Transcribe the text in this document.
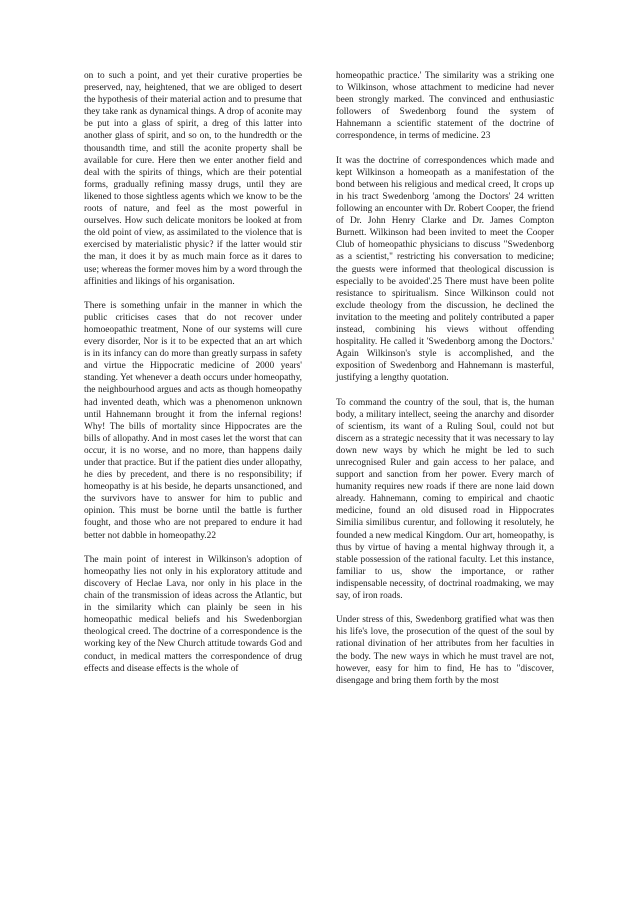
on to such a point, and yet their curative properties be preserved, nay, heightened, that we are obliged to desert the hypothesis of their material action and to presume that they take rank as dynamical things. A drop of aconite may be put into a glass of spirit, a dreg of this latter into another glass of spirit, and so on, to the hundredth or the thousandth time, and still the aconite property shall be available for cure. Here then we enter another field and deal with the spirits of things, which are their potential forms, gradually refining massy drugs, until they are likened to those sightless agents which we know to be the roots of nature, and feel as the most powerful in ourselves. How such delicate monitors be looked at from the old point of view, as assimilated to the violence that is exercised by materialistic physic? if the latter would stir the man, it does it by as much main force as it dares to use; whereas the former moves him by a word through the affinities and likings of his organisation.

There is something unfair in the manner in which the public criticises cases that do not recover under homoeopathic treatment, None of our systems will cure every disorder, Nor is it to be expected that an art which is in its infancy can do more than greatly surpass in safety and virtue the Hippocratic medicine of 2000 years' standing. Yet whenever a death occurs under homeopathy, the neighbourhood argues and acts as though homeopathy had invented death, which was a phenomenon unknown until Hahnemann brought it from the infernal regions! Why! The bills of mortality since Hippocrates are the bills of allopathy. And in most cases let the worst that can occur, it is no worse, and no more, than happens daily under that practice. But if the patient dies under allopathy, he dies by precedent, and there is no responsibility; if homeopathy is at his beside, he departs unsanctioned, and the survivors have to answer for him to public and opinion. This must be borne until the battle is further fought, and those who are not prepared to endure it had better not dabble in homeopathy.22

The main point of interest in Wilkinson's adoption of homeopathy lies not only in his exploratory attitude and discovery of Heclae Lava, nor only in his place in the chain of the transmission of ideas across the Atlantic, but in the similarity which can plainly be seen in his homeopathic medical beliefs and his Swedenborgian theological creed. The doctrine of a correspondence is the working key of the New Church attitude towards God and conduct, in medical matters the correspondence of drug effects and disease effects is the whole of

homeopathic practice.' The similarity was a striking one to Wilkinson, whose attachment to medicine had never been strongly marked. The convinced and enthusiastic followers of Swedenborg found the system of Hahnemann a scientific statement of the doctrine of correspondence, in terms of medicine. 23

It was the doctrine of correspondences which made and kept Wilkinson a homeopath as a manifestation of the bond between his religious and medical creed, It crops up in his tract Swedenborg 'among the Doctors' 24 written following an encounter with Dr. Robert Cooper, the friend of Dr. John Henry Clarke and Dr. James Compton Burnett. Wilkinson had been invited to meet the Cooper Club of homeopathic physicians to discuss "Swedenborg as a scientist," restricting his conversation to medicine; the guests were informed that theological discussion is especially to be avoided'.25 There must have been polite resistance to spiritualism. Since Wilkinson could not exclude theology from the discussion, he declined the invitation to the meeting and politely contributed a paper instead, combining his views without offending hospitality. He called it 'Swedenborg among the Doctors.' Again Wilkinson's style is accomplished, and the exposition of Swedenborg and Hahnemann is masterful, justifying a lengthy quotation.

To command the country of the soul, that is, the human body, a military intellect, seeing the anarchy and disorder of scientism, its want of a Ruling Soul, could not but discern as a strategic necessity that it was necessary to lay down new ways by which he might be led to such unrecognised Ruler and gain access to her palace, and support and sanction from her power. Every march of humanity requires new roads if there are none laid down already. Hahnemann, coming to empirical and chaotic medicine, found an old disused road in Hippocrates Similia similibus curentur, and following it resolutely, he founded a new medical Kingdom. Our art, homeopathy, is thus by virtue of having a mental highway through it, a stable possession of the rational faculty. Let this instance, familiar to us, show the importance, or rather indispensable necessity, of doctrinal roadmaking, we may say, of iron roads.

Under stress of this, Swedenborg gratified what was then his life's love, the prosecution of the quest of the soul by rational divination of her attributes from her faculties in the body. The new ways in which he must travel are not, however, easy for him to find, He has to "discover, disengage and bring them forth by the most
